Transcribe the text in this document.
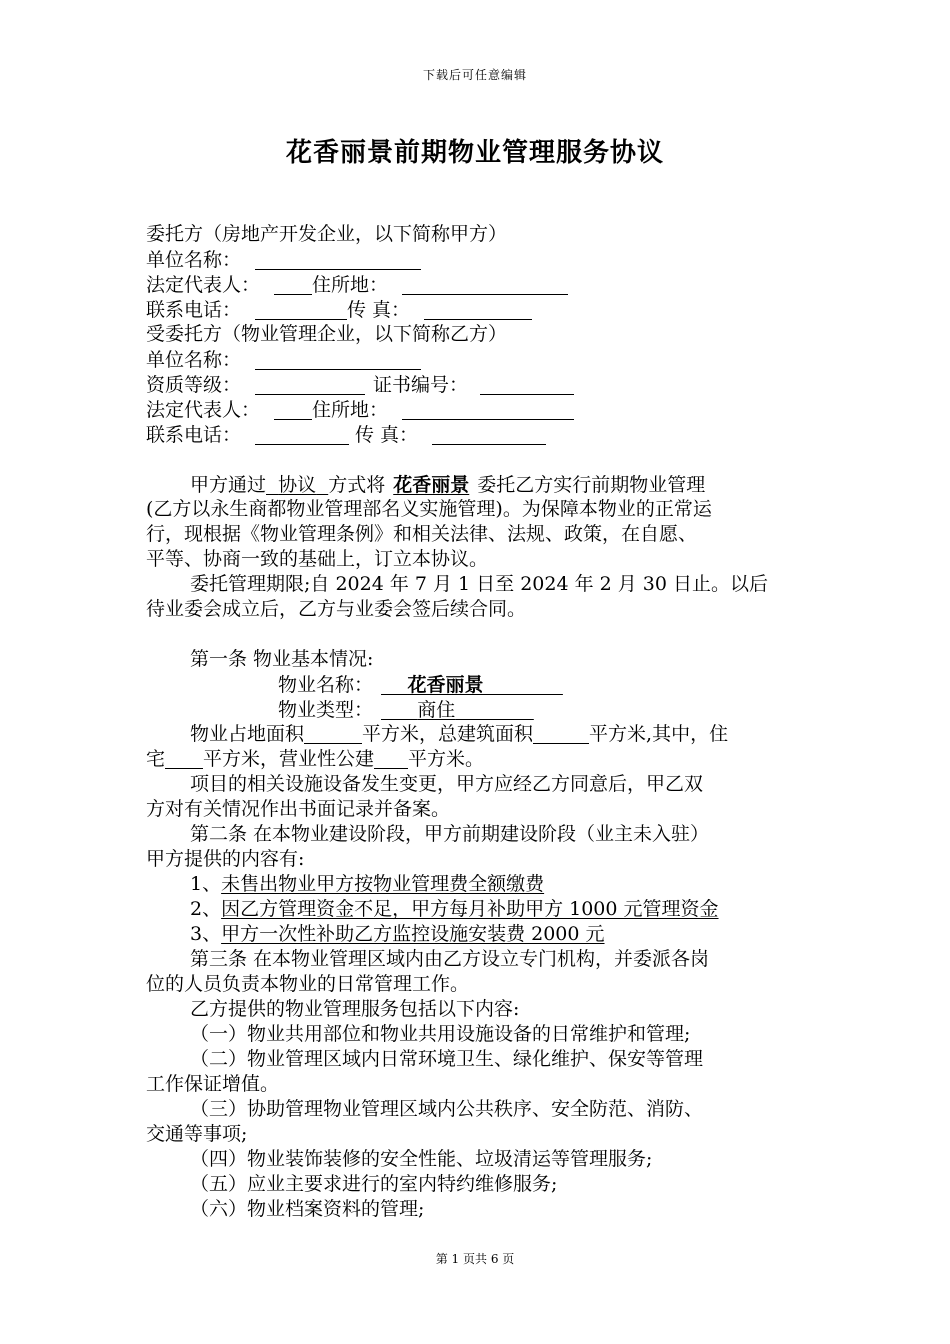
下载后可任意编辑
花香丽景前期物业管理服务协议
委托方（房地产开发企业，以下简称甲方）
单位名称：
法定代表人：	住所地：
联系电话：	传 真：
受委托方（物业管理企业，以下简称乙方）
单位名称：
资质等级：	证书编号：
法定代表人：	住所地：
联系电话：	传 真：
甲方通过 协议 方式将 花香丽景 委托乙方实行前期物业管理
(乙方以永生商都物业管理部名义实施管理)。为保障本物业的正常运
行，现根据《物业管理条例》和相关法律、法规、政策，在自愿、
平等、协商一致的基础上，订立本协议。
委托管理期限;自 2024 年 7 月 1 日至 2024 年 2 月 30 日止。以后
待业委会成立后，乙方与业委会签后续合同。
第一条 物业基本情况:
物业名称： 花香丽景
物业类型： 商住
物业占地面积	平方米，总建筑面积	平方米,其中，住
宅 平方米，营业性公建 平方米。
项目的相关设施设备发生变更，甲方应经乙方同意后，甲乙双
方对有关情况作出书面记录并备案。
第二条 在本物业建设阶段，甲方前期建设阶段（业主未入驻）
甲方提供的内容有:
1、未售出物业甲方按物业管理费全额缴费
2、因乙方管理资金不足，甲方每月补助甲方 1000 元管理资金
3、甲方一次性补助乙方监控设施安装费 2000 元
第三条 在本物业管理区域内由乙方设立专门机构，并委派各岗
位的人员负责本物业的日常管理工作。
乙方提供的物业管理服务包括以下内容:
（一）物业共用部位和物业共用设施设备的日常维护和管理;
（二）物业管理区域内日常环境卫生、绿化维护、保安等管理
工作保证增值。
（三）协助管理物业管理区域内公共秩序、安全防范、消防、
交通等事项;
（四）物业装饰装修的安全性能、垃圾清运等管理服务;
（五）应业主要求进行的室内特约维修服务;
（六）物业档案资料的管理;
第 1 页共 6 页
